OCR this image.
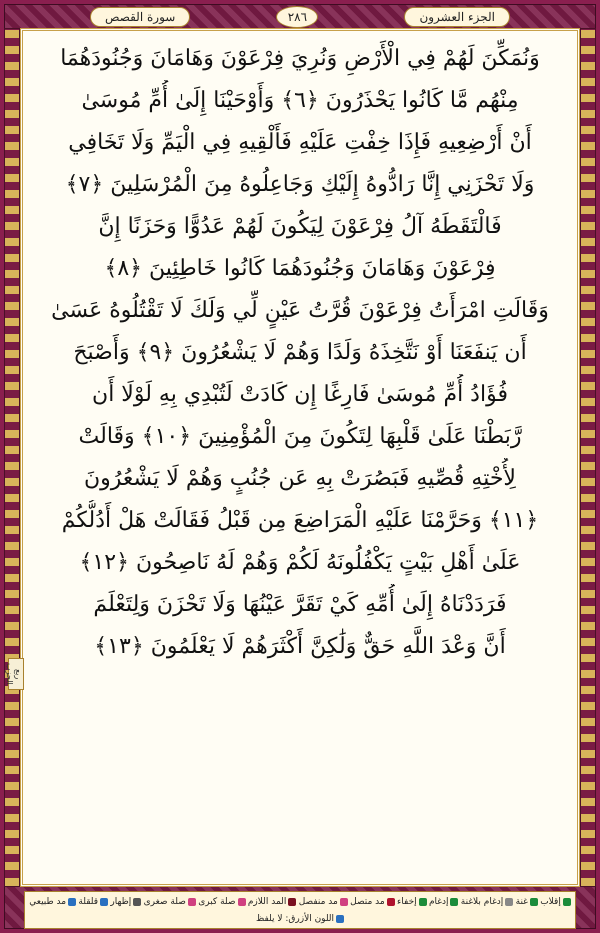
سورة القصص	٢٨٦	الجزء العشرون
ربع الحزب
وَنُمَكِّنَ لَهُمْ فِي الْأَرْضِ وَنُرِيَ فِرْعَوْنَ وَهَامَانَ وَجُنُودَهُمَا
مِنْهُم مَّا كَانُوا يَحْذَرُونَ ﴿٦﴾ وَأَوْحَيْنَا إِلَىٰ أُمِّ مُوسَىٰ
أَنْ أَرْضِعِيهِ فَإِذَا خِفْتِ عَلَيْهِ فَأَلْقِيهِ فِي الْيَمِّ وَلَا تَخَافِي
وَلَا تَحْزَنِي إِنَّا رَادُّوهُ إِلَيْكِ وَجَاعِلُوهُ مِنَ الْمُرْسَلِينَ ﴿٧﴾
فَالْتَقَطَهُ آلُ فِرْعَوْنَ لِيَكُونَ لَهُمْ عَدُوًّا وَحَزَنًا إِنَّ
فِرْعَوْنَ وَهَامَانَ وَجُنُودَهُمَا كَانُوا خَاطِئِينَ ﴿٨﴾
وَقَالَتِ امْرَأَتُ فِرْعَوْنَ قُرَّتُ عَيْنٍ لِّي وَلَكَ لَا تَقْتُلُوهُ عَسَىٰ
أَن يَنفَعَنَا أَوْ نَتَّخِذَهُ وَلَدًا وَهُمْ لَا يَشْعُرُونَ ﴿٩﴾ وَأَصْبَحَ
فُؤَادُ أُمِّ مُوسَىٰ فَارِغًا إِن كَادَتْ لَتُبْدِي بِهِ لَوْلَا أَن
رَّبَطْنَا عَلَىٰ قَلْبِهَا لِتَكُونَ مِنَ الْمُؤْمِنِينَ ﴿١٠﴾ وَقَالَتْ
لِأُخْتِهِ قُصِّيهِ فَبَصُرَتْ بِهِ عَن جُنُبٍ وَهُمْ لَا يَشْعُرُونَ
﴿١١﴾ وَحَرَّمْنَا عَلَيْهِ الْمَرَاضِعَ مِن قَبْلُ فَقَالَتْ هَلْ أَدُلُّكُمْ
عَلَىٰ أَهْلِ بَيْتٍ يَكْفُلُونَهُ لَكُمْ وَهُمْ لَهُ نَاصِحُونَ ﴿١٢﴾
فَرَدَدْنَاهُ إِلَىٰ أُمِّهِ كَيْ تَقَرَّ عَيْنُهَا وَلَا تَحْزَنَ وَلِتَعْلَمَ
أَنَّ وَعْدَ اللَّهِ حَقٌّ وَلَٰكِنَّ أَكْثَرَهُمْ لَا يَعْلَمُونَ ﴿١٣﴾
إقلاب
غنة
إدغام بلاغنة
إدغام
إخفاء
مد متصل
مد منفصل
المد اللازم
صلة كبرى
صلة صغرى
إظهار
قلقلة
مد طبيعي
اللون الأزرق: لا يلفظ
